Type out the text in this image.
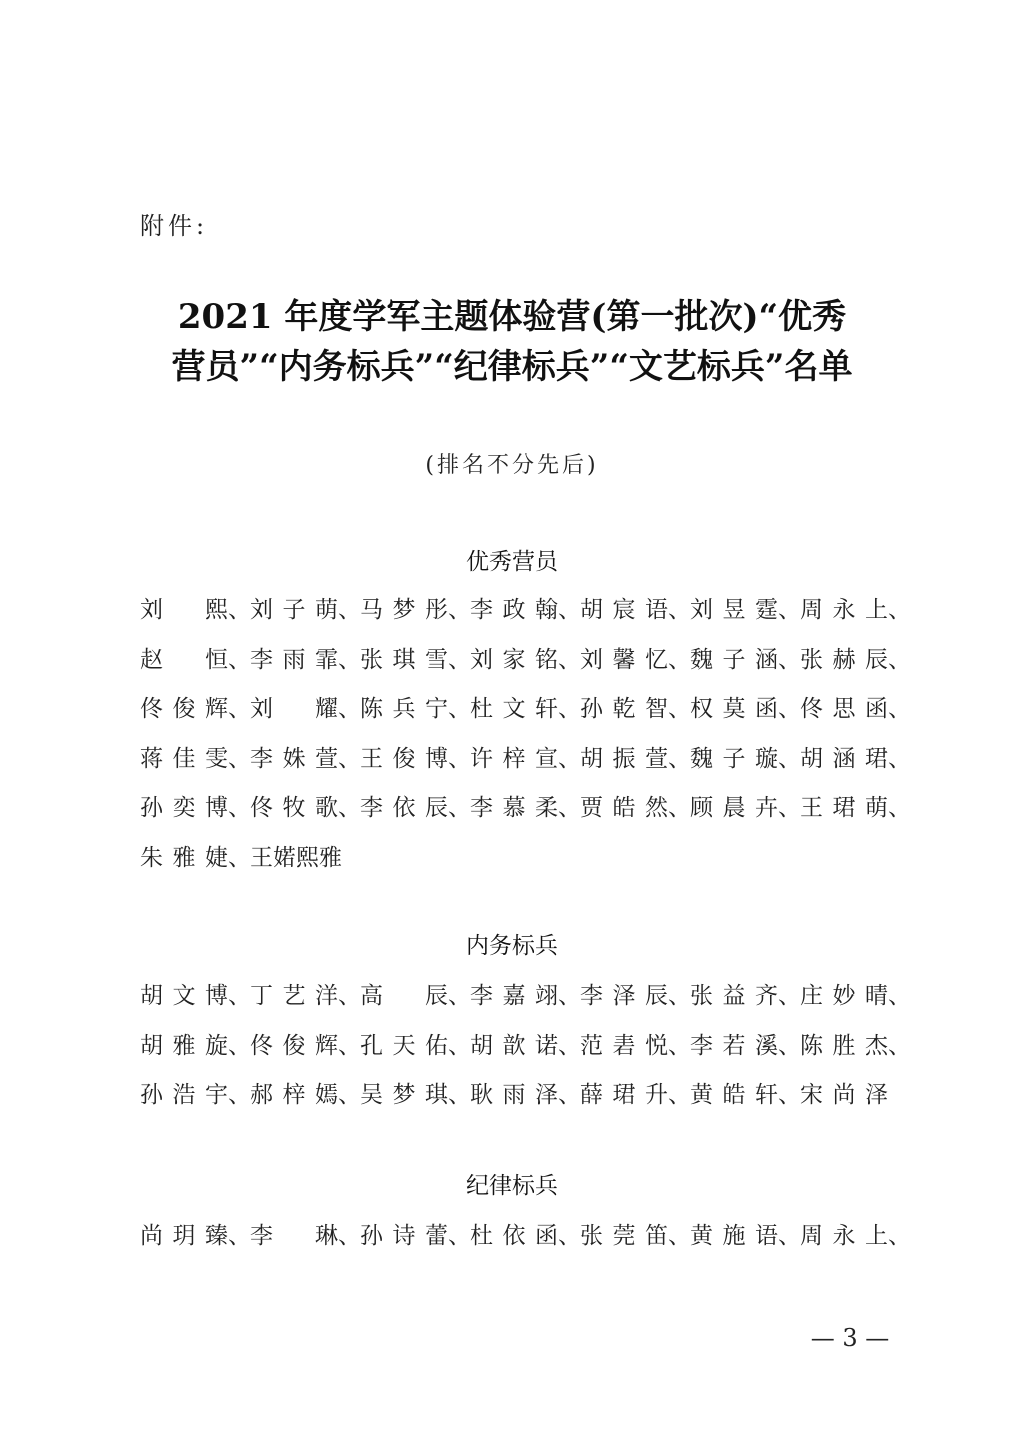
附件:
2021 年度学军主题体验营(第一批次)“优秀
营员”“内务标兵”“纪律标兵”“文艺标兵”名单
(排名不分先后)
优秀营员
刘 熙、 刘子萌、 马梦彤、 李政翰、 胡宸语、 刘昱霆、 周永上、
赵 恒、 李雨霏、 张琪雪、 刘家铭、 刘馨忆、 魏子涵、 张赫辰、
佟俊辉、 刘 耀、 陈兵宁、 杜文轩、 孙乾智、 权莫函、 佟思函、
蒋佳雯、 李姝萱、 王俊博、 许梓宣、 胡振萱、 魏子璇、 胡涵珺、
孙奕博、 佟牧歌、 李依辰、 李慕柔、 贾皓然、 顾晨卉、 王珺萌、
朱雅婕、 王婼熙雅
内务标兵
胡文博、 丁艺洋、 高 辰、 李嘉翊、 李泽辰、 张益齐、 庄妙晴、
胡雅旋、 佟俊辉、 孔天佑、 胡歆诺、 范砉悦、 李若溪、 陈胜杰、
孙浩宇、 郝梓嫣、 吴梦琪、 耿雨泽、 薛珺升、 黄皓轩、 宋尚泽
纪律标兵
尚玥臻、 李 琳、 孙诗蕾、 杜依函、 张莞笛、 黄施语、 周永上、
— 3 —
